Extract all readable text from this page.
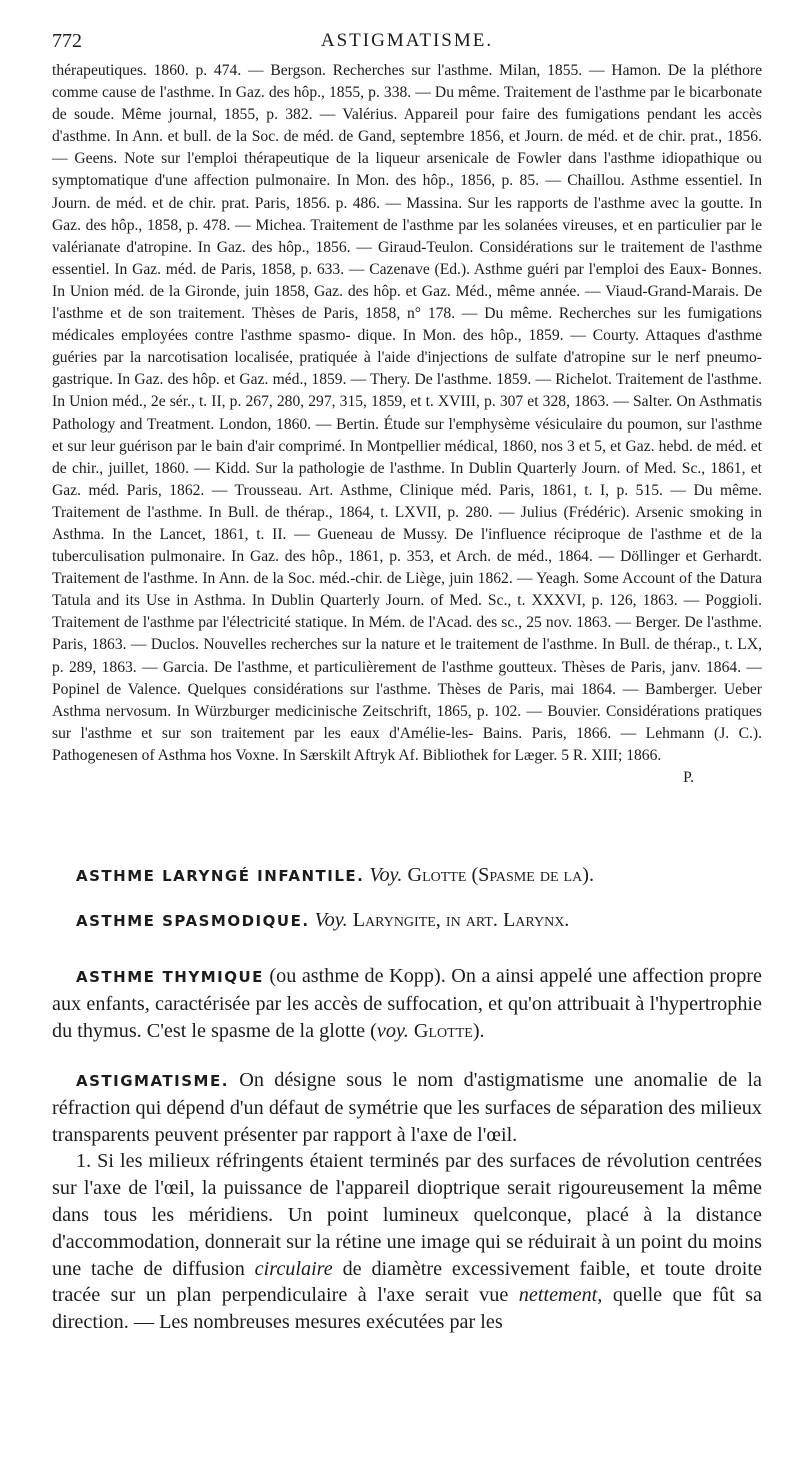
772	ASTIGMATISME.
thérapeutiques. 1860. p. 474. — Bergson. Recherches sur l'asthme. Milan, 1855. — Hamon. De la pléthore comme cause de l'asthme. In Gaz. des hôp., 1855, p. 338. — Du même. Traitement de l'asthme par le bicarbonate de soude. Même journal, 1855, p. 382. — Valérius. Appareil pour faire des fumigations pendant les accès d'asthme. In Ann. et bull. de la Soc. de méd. de Gand, septembre 1856, et Journ. de méd. et de chir. prat., 1856. — Geens. Note sur l'emploi thérapeutique de la liqueur arsenicale de Fowler dans l'asthme idiopathique ou symptomatique d'une affection pulmonaire. In Mon. des hôp., 1856, p. 85. — Chaillou. Asthme essentiel. In Journ. de méd. et de chir. prat. Paris, 1856. p. 486. — Massina. Sur les rapports de l'asthme avec la goutte. In Gaz. des hôp., 1858, p. 478. — Michea. Traitement de l'asthme par les solanées vireuses, et en particulier par le valérianate d'atropine. In Gaz. des hôp., 1856. — Giraud-Teulon. Considérations sur le traitement de l'asthme essentiel. In Gaz. méd. de Paris, 1858, p. 633. — Cazenave (Ed.). Asthme guéri par l'emploi des Eaux- Bonnes. In Union méd. de la Gironde, juin 1858, Gaz. des hôp. et Gaz. Méd., même année. — Viaud-Grand-Marais. De l'asthme et de son traitement. Thèses de Paris, 1858, n° 178. — Du même. Recherches sur les fumigations médicales employées contre l'asthme spasmo- dique. In Mon. des hôp., 1859. — Courty. Attaques d'asthme guéries par la narcotisation localisée, pratiquée à l'aide d'injections de sulfate d'atropine sur le nerf pneumo-gastrique. In Gaz. des hôp. et Gaz. méd., 1859. — Thery. De l'asthme. 1859. — Richelot. Traitement de l'asthme. In Union méd., 2e sér., t. II, p. 267, 280, 297, 315, 1859, et t. XVIII, p. 307 et 328, 1863. — Salter. On Asthmatis Pathology and Treatment. London, 1860. — Bertin. Étude sur l'emphysème vésiculaire du poumon, sur l'asthme et sur leur guérison par le bain d'air comprimé. In Montpellier médical, 1860, nos 3 et 5, et Gaz. hebd. de méd. et de chir., juillet, 1860. — Kidd. Sur la pathologie de l'asthme. In Dublin Quarterly Journ. of Med. Sc., 1861, et Gaz. méd. Paris, 1862. — Trousseau. Art. Asthme, Clinique méd. Paris, 1861, t. I, p. 515. — Du même. Traitement de l'asthme. In Bull. de thérap., 1864, t. LXVII, p. 280. — Julius (Frédéric). Arsenic smoking in Asthma. In the Lancet, 1861, t. II. — Gueneau de Mussy. De l'influence réciproque de l'asthme et de la tuberculisation pulmonaire. In Gaz. des hôp., 1861, p. 353, et Arch. de méd., 1864. — Döllinger et Gerhardt. Traitement de l'asthme. In Ann. de la Soc. méd.-chir. de Liège, juin 1862. — Yeagh. Some Account of the Datura Tatula and its Use in Asthma. In Dublin Quarterly Journ. of Med. Sc., t. XXXVI, p. 126, 1863. — Poggioli. Traitement de l'asthme par l'électricité statique. In Mém. de l'Acad. des sc., 25 nov. 1863. — Berger. De l'asthme. Paris, 1863. — Duclos. Nouvelles recherches sur la nature et le traitement de l'asthme. In Bull. de thérap., t. LX, p. 289, 1863. — Garcia. De l'asthme, et particulièrement de l'asthme goutteux. Thèses de Paris, janv. 1864. — Popinel de Valence. Quelques considérations sur l'asthme. Thèses de Paris, mai 1864. — Bamberger. Ueber Asthma nervosum. In Würzburger medicinische Zeitschrift, 1865, p. 102. — Bouvier. Considérations pratiques sur l'asthme et sur son traitement par les eaux d'Amélie-les- Bains. Paris, 1866. — Lehmann (J. C.). Pathogenesen of Asthma hos Voxne. In Særskilt Aftryk Af. Bibliothek for Læger. 5 R. XIII; 1866.
P.

ASTHME LARYNGÉ INFANTILE. Voy. Glotte (Spasme de la).

ASTHME SPASMODIQUE. Voy. Laryngite, in art. Larynx.

ASTHME THYMIQUE (ou asthme de Kopp). On a ainsi appelé une affection propre aux enfants, caractérisée par les accès de suffocation, et qu'on attribuait à l'hypertrophie du thymus. C'est le spasme de la glotte (voy. Glotte).

ASTIGMATISME. On désigne sous le nom d'astigmatisme une anomalie de la réfraction qui dépend d'un défaut de symétrie que les surfaces de séparation des milieux transparents peuvent présenter par rapport à l'axe de l'œil.

1. Si les milieux réfringents étaient terminés par des surfaces de révolution centrées sur l'axe de l'œil, la puissance de l'appareil dioptrique serait rigoureusement la même dans tous les méridiens. Un point lumineux quelconque, placé à la distance d'accommodation, donnerait sur la rétine une image qui se réduirait à un point du moins une tache de diffusion circulaire de diamètre excessivement faible, et toute droite tracée sur un plan perpendiculaire à l'axe serait vue nettement, quelle que fût sa direction. — Les nombreuses mesures exécutées par les
